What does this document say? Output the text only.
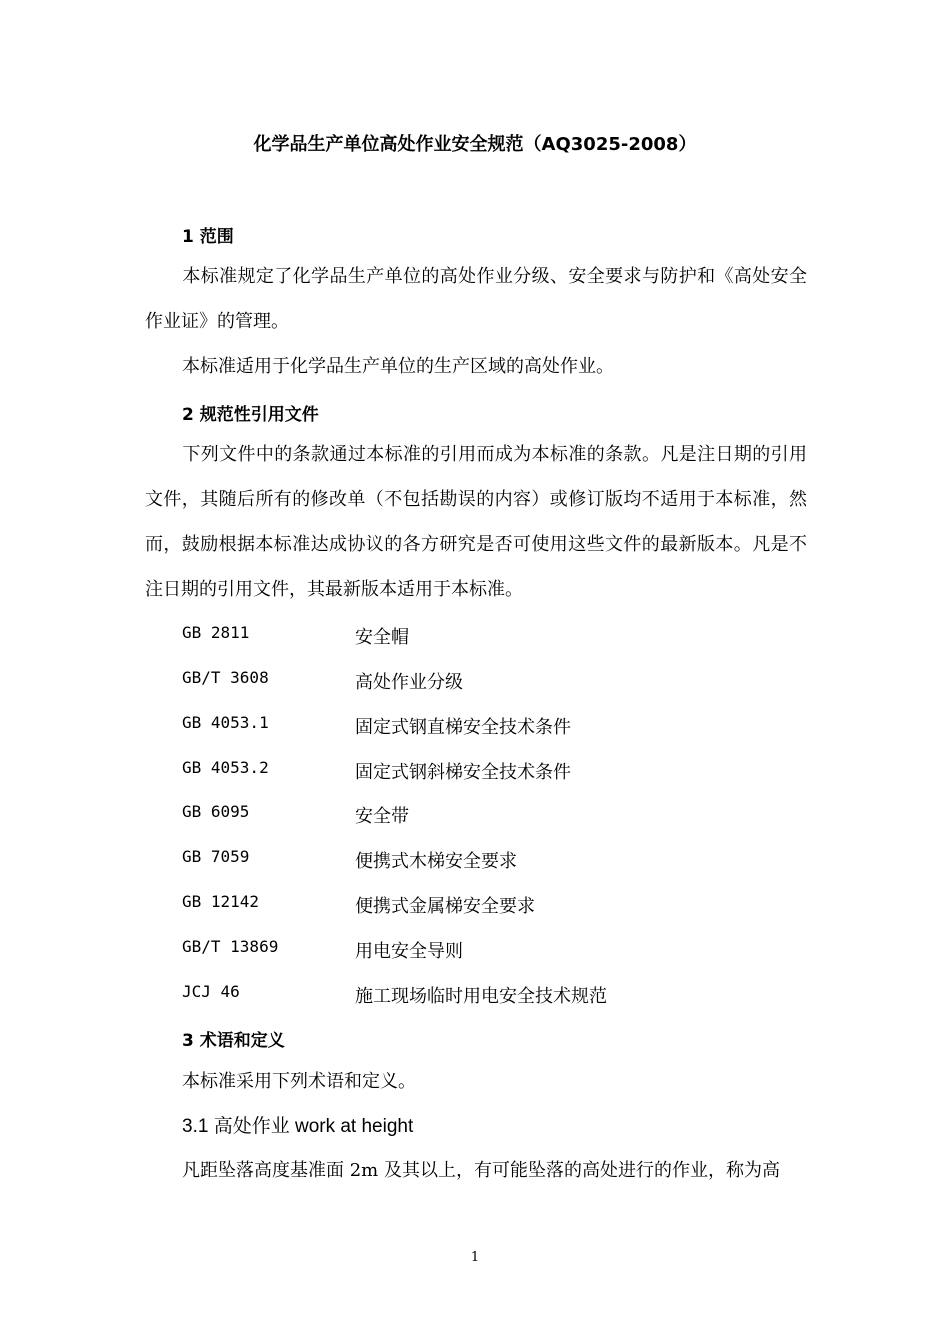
化学品生产单位高处作业安全规范（AQ3025-2008）
1 范围
本标准规定了化学品生产单位的高处作业分级、安全要求与防护和《高处安全作业证》的管理。
本标准适用于化学品生产单位的生产区域的高处作业。
2 规范性引用文件
下列文件中的条款通过本标准的引用而成为本标准的条款。凡是注日期的引用文件，其随后所有的修改单（不包括勘误的内容）或修订版均不适用于本标准，然而，鼓励根据本标准达成协议的各方研究是否可使用这些文件的最新版本。凡是不注日期的引用文件，其最新版本适用于本标准。
GB 2811	安全帽
GB/T 3608	高处作业分级
GB 4053.1	固定式钢直梯安全技术条件
GB 4053.2	固定式钢斜梯安全技术条件
GB 6095	安全带
GB 7059	便携式木梯安全要求
GB 12142	便携式金属梯安全要求
GB/T 13869	用电安全导则
JCJ 46	施工现场临时用电安全技术规范
3 术语和定义
本标准采用下列术语和定义。
3.1 高处作业 work at height
凡距坠落高度基准面 2m 及其以上，有可能坠落的高处进行的作业，称为高
1
